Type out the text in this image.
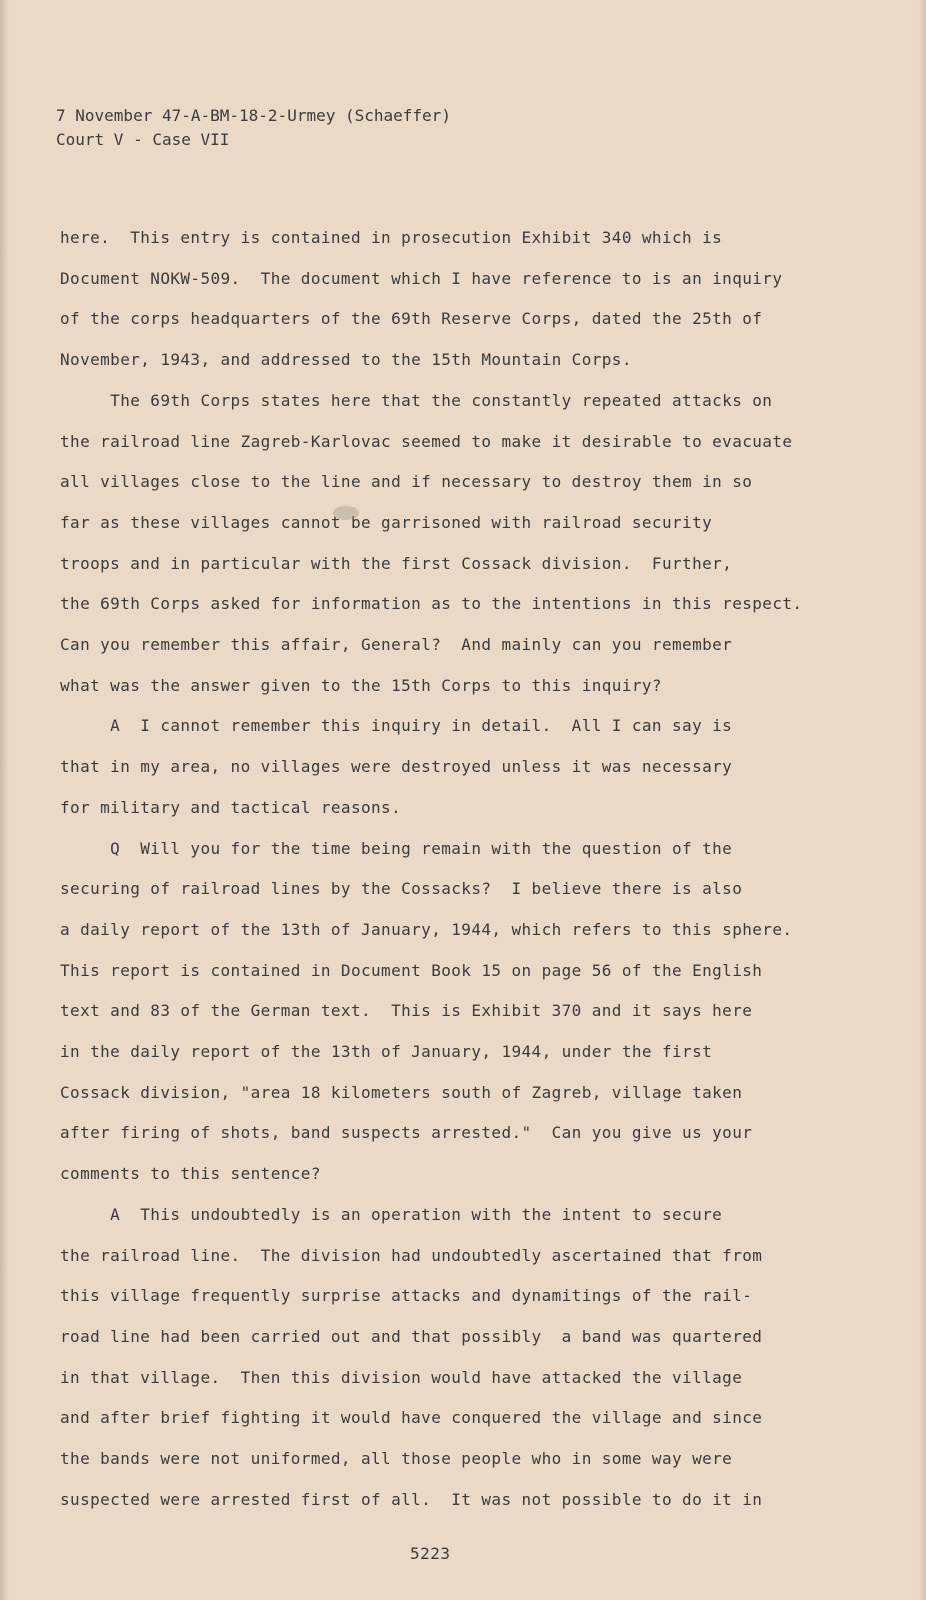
7 November 47-A-BM-18-2-Urmey (Schaeffer)
Court V - Case VII
here.  This entry is contained in prosecution Exhibit 340 which is
Document NOKW-509.  The document which I have reference to is an inquiry
of the corps headquarters of the 69th Reserve Corps, dated the 25th of
November, 1943, and addressed to the 15th Mountain Corps.
The 69th Corps states here that the constantly repeated attacks on
the railroad line Zagreb-Karlovac seemed to make it desirable to evacuate
all villages close to the line and if necessary to destroy them in so
far as these villages cannot be garrisoned with railroad security
troops and in particular with the first Cossack division.  Further,
the 69th Corps asked for information as to the intentions in this respect.
Can you remember this affair, General?  And mainly can you remember
what was the answer given to the 15th Corps to this inquiry?
A  I cannot remember this inquiry in detail.  All I can say is
that in my area, no villages were destroyed unless it was necessary
for military and tactical reasons.
Q  Will you for the time being remain with the question of the
securing of railroad lines by the Cossacks?  I believe there is also
a daily report of the 13th of January, 1944, which refers to this sphere.
This report is contained in Document Book 15 on page 56 of the English
text and 83 of the German text.  This is Exhibit 370 and it says here
in the daily report of the 13th of January, 1944, under the first
Cossack division, "area 18 kilometers south of Zagreb, village taken
after firing of shots, band suspects arrested."  Can you give us your
comments to this sentence?
A  This undoubtedly is an operation with the intent to secure
the railroad line.  The division had undoubtedly ascertained that from
this village frequently surprise attacks and dynamitings of the rail-
road line had been carried out and that possibly  a band was quartered
in that village.  Then this division would have attacked the village
and after brief fighting it would have conquered the village and since
the bands were not uniformed, all those people who in some way were
suspected were arrested first of all.  It was not possible to do it in
5223
